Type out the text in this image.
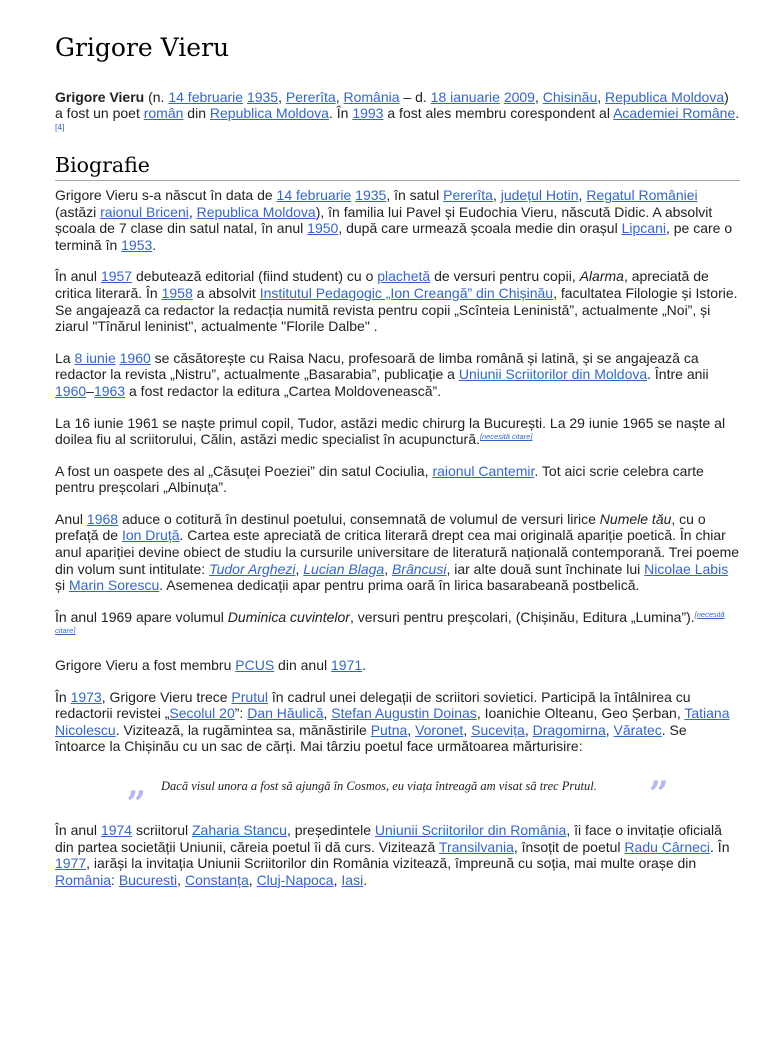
Grigore Vieru

Grigore Vieru (n. 14 februarie 1935, Pererîta, România – d. 18 ianuarie 2009, Chisinău, Republica Moldova) a fost un poet român din Republica Moldova. În 1993 a fost ales membru corespondent al Academiei Române.[4]

Biografie

Grigore Vieru s-a născut în data de 14 februarie 1935, în satul Pererîta, județul Hotin, Regatul României (astăzi raionul Briceni, Republica Moldova), în familia lui Pavel și Eudochia Vieru, născută Didic. A absolvit școala de 7 clase din satul natal, în anul 1950, după care urmează școala medie din orașul Lipcani, pe care o termină în 1953.

În anul 1957 debutează editorial (fiind student) cu o plachetă de versuri pentru copii, Alarma, apreciată de critica literară. În 1958 a absolvit Institutul Pedagogic „Ion Creangă” din Chișinău, facultatea Filologie și Istorie. Se angajează ca redactor la redacția numită revista pentru copii „Scînteia Leninistă”, actualmente „Noi”, și ziarul "Tînărul leninist", actualmente "Florile Dalbe" .

La 8 iunie 1960 se căsătorește cu Raisa Nacu, profesoară de limba română și latină, și se angajează ca redactor la revista „Nistru”, actualmente „Basarabia”, publicație a Uniunii Scriitorilor din Moldova. Între anii 1960–1963 a fost redactor la editura „Cartea Moldovenească”.

La 16 iunie 1961 se naște primul copil, Tudor, astăzi medic chirurg la București. La 29 iunie 1965 se naște al doilea fiu al scriitorului, Călin, astăzi medic specialist în acupunctură.[necesită citare]

A fost un oaspete des al „Căsuței Poeziei” din satul Cociulia, raionul Cantemir. Tot aici scrie celebra carte pentru preșcolari „Albinuța”.

Anul 1968 aduce o cotitură în destinul poetului, consemnată de volumul de versuri lirice Numele tău, cu o prefață de Ion Druță. Cartea este apreciată de critica literară drept cea mai originală apariție poetică. În chiar anul apariției devine obiect de studiu la cursurile universitare de literatură națională contemporană. Trei poeme din volum sunt intitulate: Tudor Arghezi, Lucian Blaga, Brâncusi, iar alte două sunt închinate lui Nicolae Labis și Marin Sorescu. Asemenea dedicații apar pentru prima oară în lirica basarabeană postbelică.

În anul 1969 apare volumul Duminica cuvintelor, versuri pentru preșcolari, (Chișinău, Editura „Lumina”).[necesită citare]

Grigore Vieru a fost membru PCUS din anul 1971.

În 1973, Grigore Vieru trece Prutul în cadrul unei delegații de scriitori sovietici. Participă la întâlnirea cu redactorii revistei „Secolul 20”: Dan Hăulică, Stefan Augustin Doinas, Ioanichie Olteanu, Geo Șerban, Tatiana Nicolescu. Vizitează, la rugămintea sa, mănăstirile Putna, Voronet, Sucevița, Dragomirna, Văratec. Se întoarce la Chișinău cu un sac de cărți. Mai târziu poetul face următoarea mărturisire:

„ Dacă visul unora a fost să ajungă în Cosmos, eu viața întreagă am visat să trec Prutul. ”

În anul 1974 scriitorul Zaharia Stancu, președintele Uniunii Scriitorilor din România, îi face o invitație oficială din partea societății Uniunii, căreia poetul îi dă curs. Vizitează Transilvania, însoțit de poetul Radu Cârneci. În 1977, iarăși la invitația Uniunii Scriitorilor din România vizitează, împreună cu soția, mai multe orașe din România: Bucuresti, Constanța, Cluj-Napoca, Iasi.
